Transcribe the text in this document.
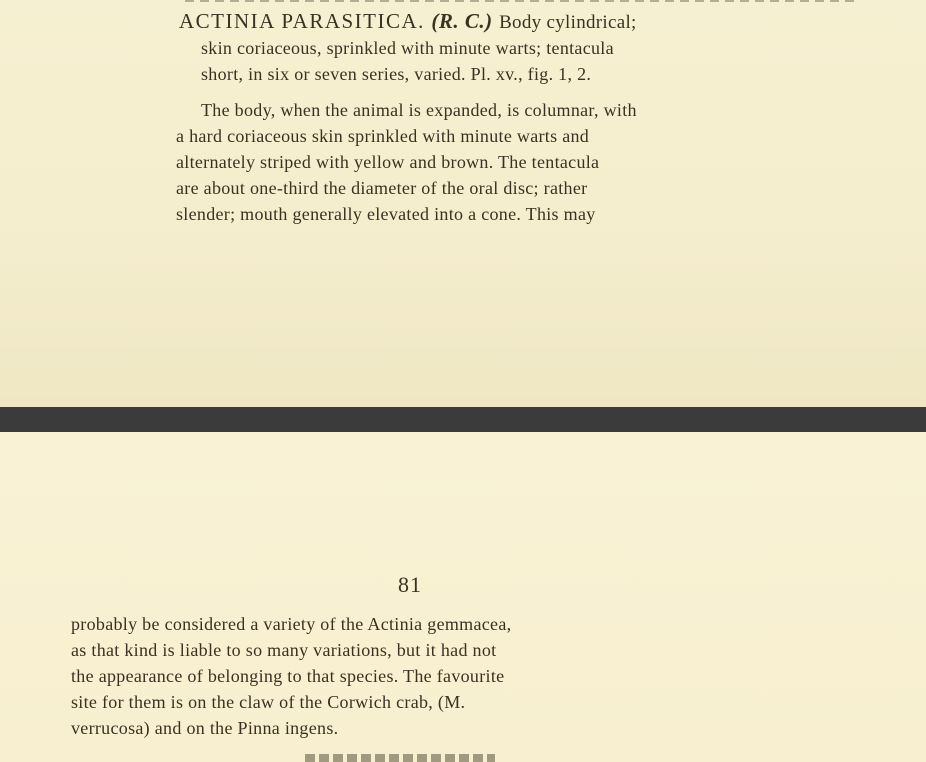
ACTINIA PARASITICA. (R. C.) Body cylindrical;
skin coriaceous, sprinkled with minute warts; tentacula
short, in six or seven series, varied. Pl. xv., fig. 1, 2.
The body, when the animal is expanded, is columnar, with
a hard coriaceous skin sprinkled with minute warts and
alternately striped with yellow and brown. The tentacula
are about one-third the diameter of the oral disc; rather
slender; mouth generally elevated into a cone. This may
81
probably be considered a variety of the Actinia gemmacea,
as that kind is liable to so many variations, but it had not
the appearance of belonging to that species. The favourite
site for them is on the claw of the Corwich crab, (M.
verrucosa) and on the Pinna ingens.
